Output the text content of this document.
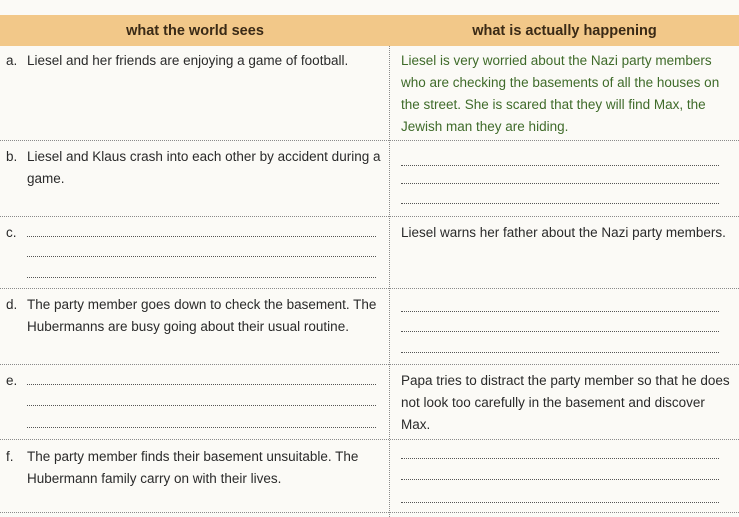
what the world sees	what is actually happening
a. Liesel and her friends are enjoying a game of football.	Liesel is very worried about the Nazi party members who are checking the basements of all the houses on the street. She is scared that they will find Max, the Jewish man they are hiding.
b. Liesel and Klaus crash into each other by accident during a game.
c.	Liesel warns her father about the Nazi party members.
d. The party member goes down to check the basement. The Hubermanns are busy going about their usual routine.
e.	Papa tries to distract the party member so that he does not look too carefully in the basement and discover Max.
f. The party member finds their basement unsuitable. The Hubermann family carry on with their lives.
